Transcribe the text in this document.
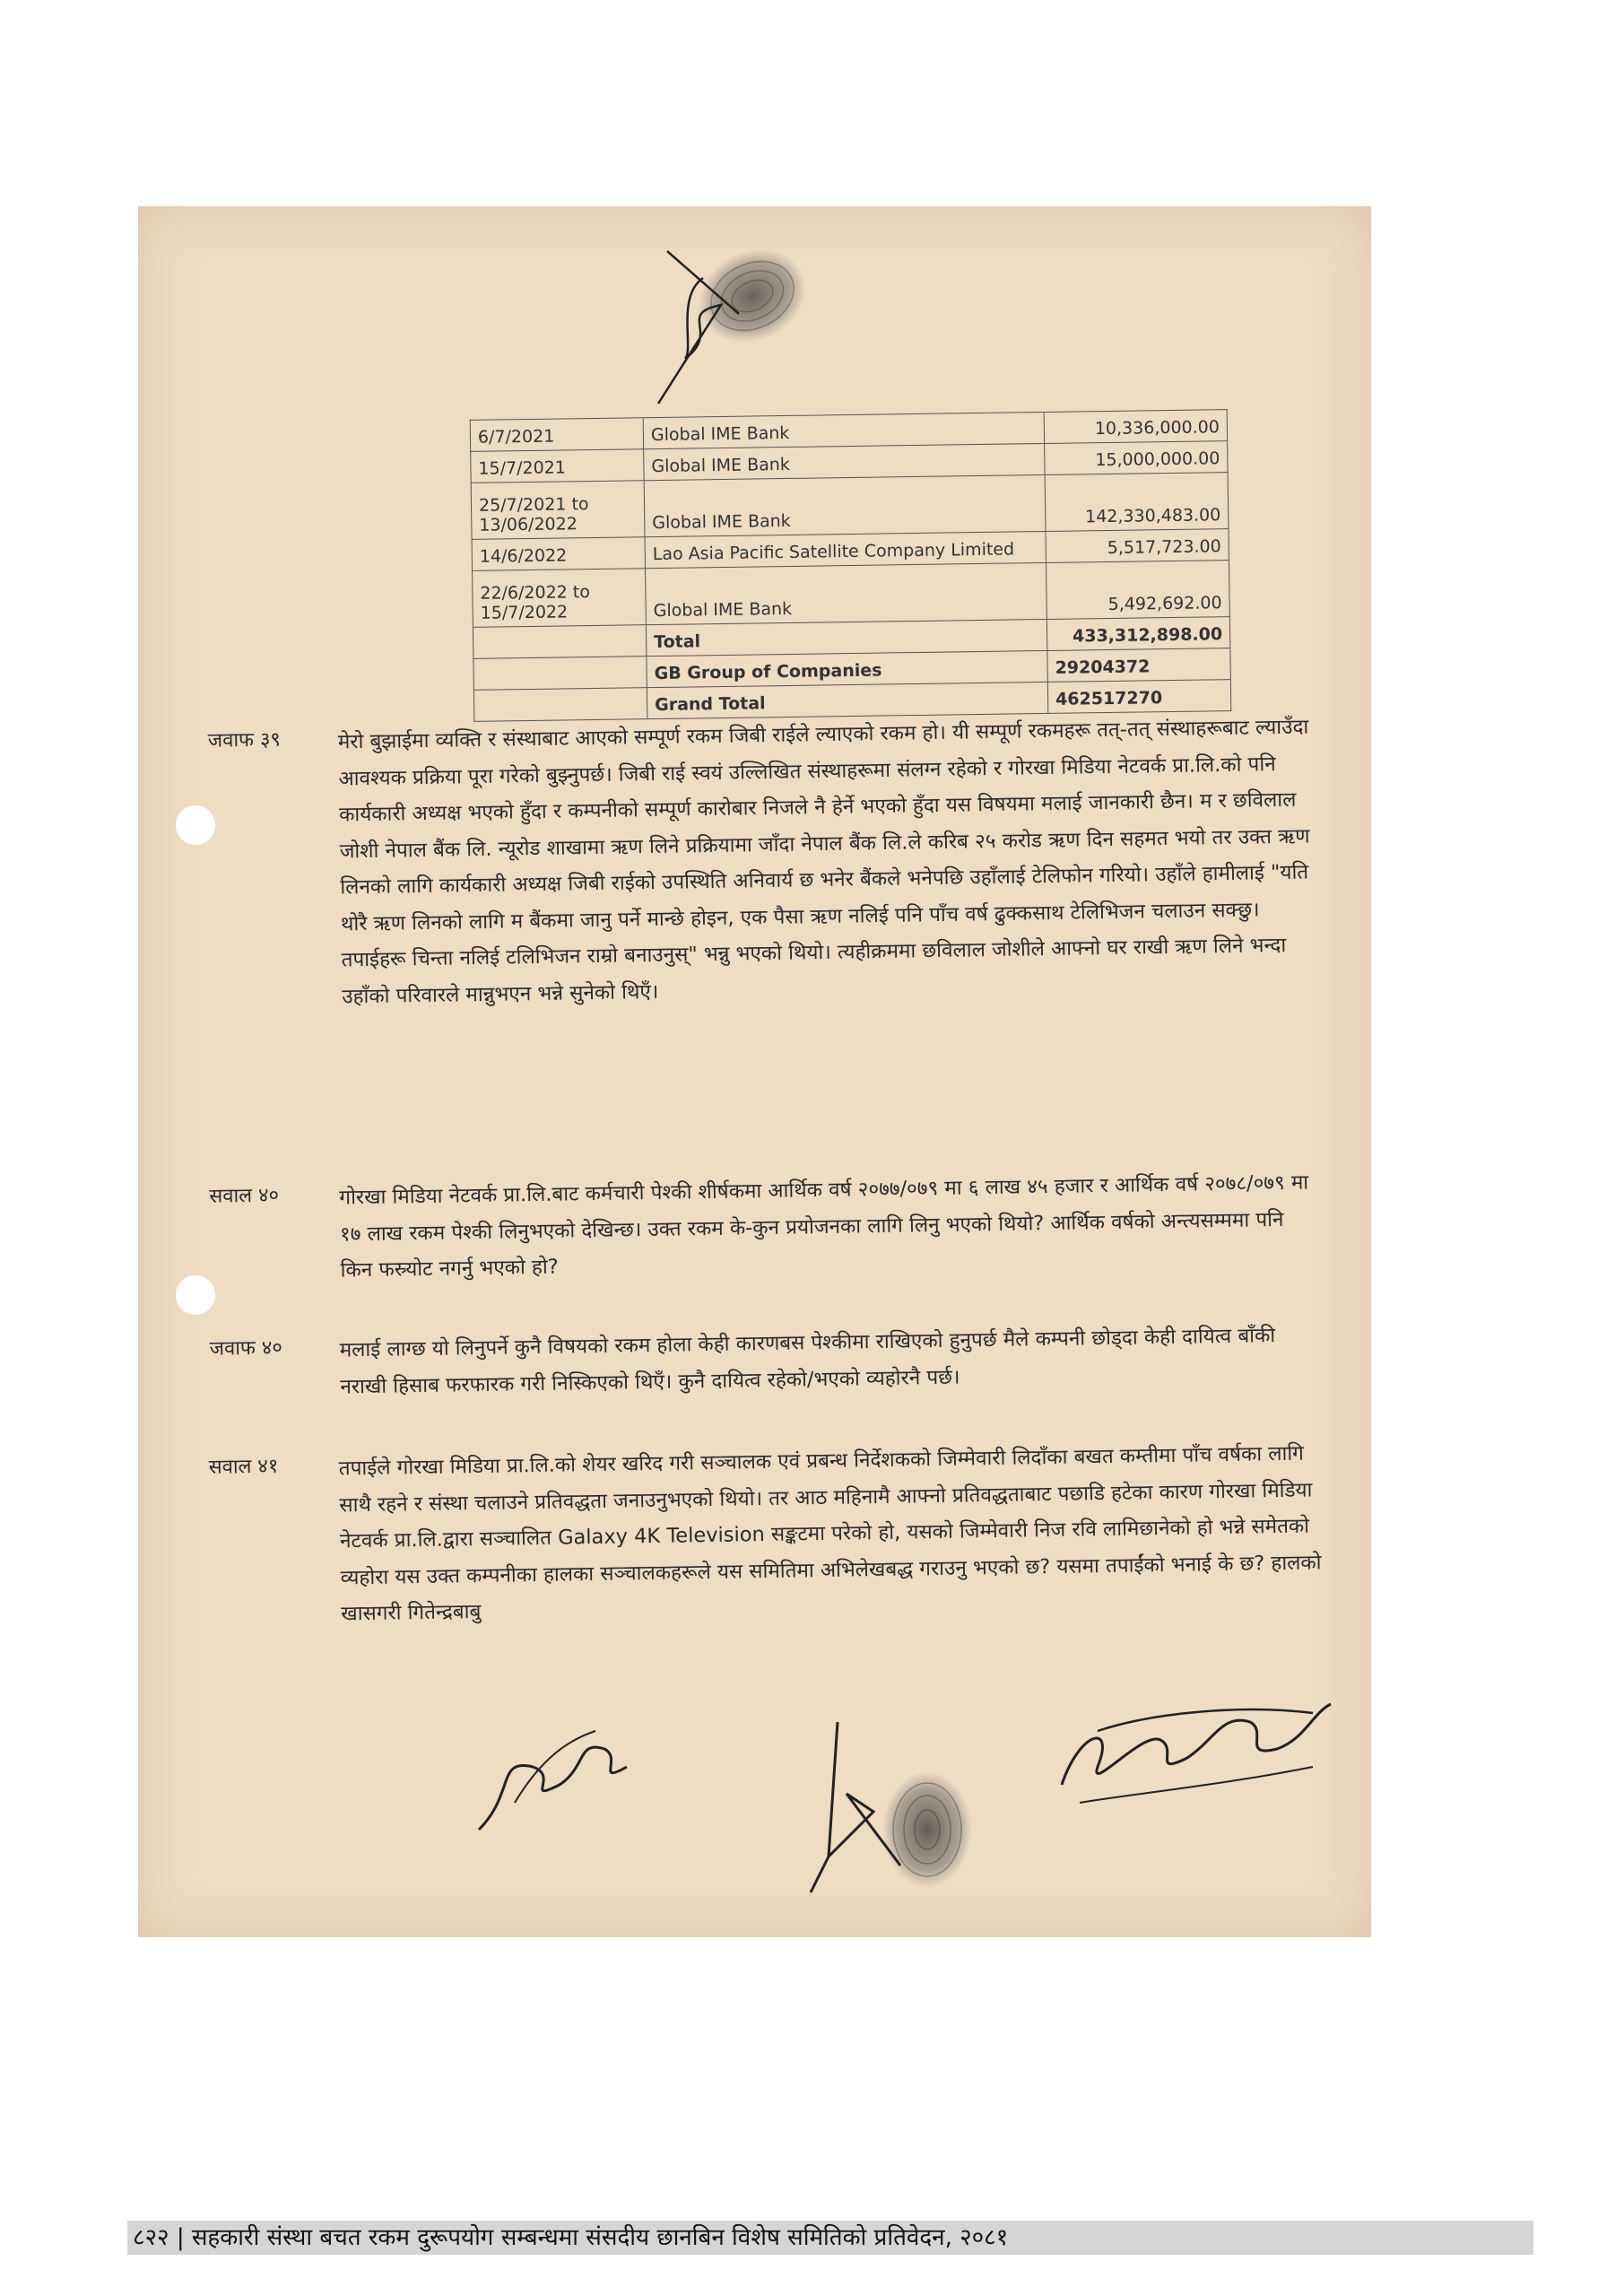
6/7/2021	Global IME Bank	10,336,000.00
15/7/2021	Global IME Bank	15,000,000.00
25/7/2021 to 13/06/2022	Global IME Bank	142,330,483.00
14/6/2022	Lao Asia Pacific Satellite Company Limited	5,517,723.00
22/6/2022 to 15/7/2022	Global IME Bank	5,492,692.00
	Total	433,312,898.00
	GB Group of Companies	29204372
	Grand Total	462517270
जवाफ ३९	मेरो बुझाईमा व्यक्ति र संस्थाबाट आएको सम्पूर्ण रकम जिबी राईले ल्याएको रकम हो। यी सम्पूर्ण रकमहरू तत्-तत् संस्थाहरूबाट ल्याउँदा आवश्यक प्रक्रिया पूरा गरेको बुझ्नुपर्छ। जिबी राई स्वयं उल्लिखित संस्थाहरूमा संलग्न रहेको र गोरखा मिडिया नेटवर्क प्रा.लि.को पनि कार्यकारी अध्यक्ष भएको हुँदा र कम्पनीको सम्पूर्ण कारोबार निजले नै हेर्ने भएको हुँदा यस विषयमा मलाई जानकारी छैन। म र छविलाल जोशी नेपाल बैंक लि. न्यूरोड शाखामा ऋण लिने प्रक्रियामा जाँदा नेपाल बैंक लि.ले करिब २५ करोड ऋण दिन सहमत भयो तर उक्त ऋण लिनको लागि कार्यकारी अध्यक्ष जिबी राईको उपस्थिति अनिवार्य छ भनेर बैंकले भनेपछि उहाँलाई टेलिफोन गरियो। उहाँले हामीलाई "यति थोरै ऋण लिनको लागि म बैंकमा जानु पर्ने मान्छे होइन, एक पैसा ऋण नलिई पनि पाँच वर्ष ढुक्कसाथ टेलिभिजन चलाउन सक्छु। तपाईहरू चिन्ता नलिई टलिभिजन राम्रो बनाउनुस्" भन्नु भएको थियो। त्यहीक्रममा छविलाल जोशीले आफ्नो घर राखी ऋण लिने भन्दा उहाँको परिवारले मान्नुभएन भन्ने सुनेको थिएँ।
सवाल ४०	गोरखा मिडिया नेटवर्क प्रा.लि.बाट कर्मचारी पेश्की शीर्षकमा आर्थिक वर्ष २०७७/०७९ मा ६ लाख ४५ हजार र आर्थिक वर्ष २०७८/०७९ मा १७ लाख रकम पेश्की लिनुभएको देखिन्छ। उक्त रकम के-कुन प्रयोजनका लागि लिनु भएको थियो? आर्थिक वर्षको अन्त्यसम्ममा पनि किन फस्र्योट नगर्नु भएको हो?
जवाफ ४०	मलाई लाग्छ यो लिनुपर्ने कुनै विषयको रकम होला केही कारणबस पेश्कीमा राखिएको हुनुपर्छ मैले कम्पनी छोड्दा केही दायित्व बाँकी नराखी हिसाब फरफारक गरी निस्किएको थिएँ। कुनै दायित्व रहेको/भएको व्यहोरनै पर्छ।
सवाल ४१	तपाईले गोरखा मिडिया प्रा.लि.को शेयर खरिद गरी सञ्चालक एवं प्रबन्ध निर्देशकको जिम्मेवारी लिदाँका बखत कम्तीमा पाँच वर्षका लागि साथै रहने र संस्था चलाउने प्रतिवद्धता जनाउनुभएको थियो। तर आठ महिनामै आफ्नो प्रतिवद्धताबाट पछाडि हटेका कारण गोरखा मिडिया नेटवर्क प्रा.लि.द्वारा सञ्चालित Galaxy 4K Television सङ्कटमा परेको हो, यसको जिम्मेवारी निज रवि लामिछानेको हो भन्ने समेतको व्यहोरा यस उक्त कम्पनीका हालका सञ्चालकहरूले यस समितिमा अभिलेखबद्ध गराउनु भएको छ? यसमा तपाईंको भनाई के छ? हालको खासगरी गितेन्द्रबाबु
८२२ | सहकारी संस्था बचत रकम दुरूपयोग सम्बन्धमा संसदीय छानबिन विशेष समितिको प्रतिवेदन, २०८१
